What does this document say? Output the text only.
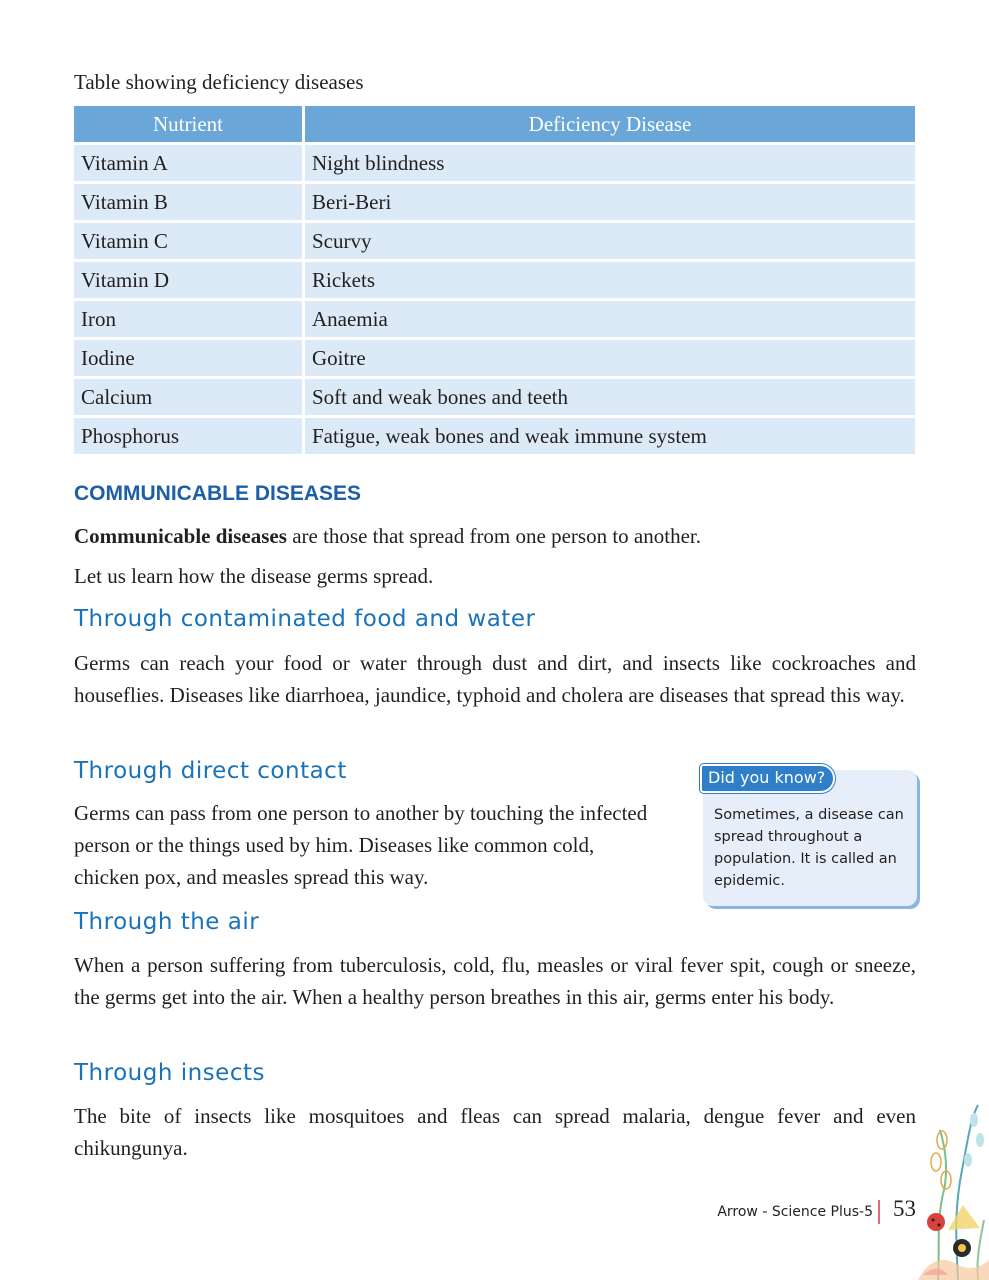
Table showing deficiency diseases
Nutrient	Deficiency Disease
Vitamin A	Night blindness
Vitamin B	Beri-Beri
Vitamin C	Scurvy
Vitamin D	Rickets
Iron	Anaemia
Iodine	Goitre
Calcium	Soft and weak bones and teeth
Phosphorus	Fatigue, weak bones and weak immune system
COMMUNICABLE DISEASES

Communicable diseases are those that spread from one person to another.

Let us learn how the disease germs spread.

Through contaminated food and water

Germs can reach your food or water through dust and dirt, and insects like cockroaches and houseflies. Diseases like diarrhoea, jaundice, typhoid and cholera are diseases that spread this way.

Through direct contact

Germs can pass from one person to another by touching the infected person or the things used by him. Diseases like common cold, chicken pox, and measles spread this way.

Did you know?
Sometimes, a disease can spread throughout a population. It is called an epidemic.
Through the air

When a person suffering from tuberculosis, cold, flu, measles or viral fever spit, cough or sneeze, the germs get into the air. When a healthy person breathes in this air, germs enter his body.

Through insects

The bite of insects like mosquitoes and fleas can spread malaria, dengue fever and even chikungunya.

Arrow - Science Plus-5 53
